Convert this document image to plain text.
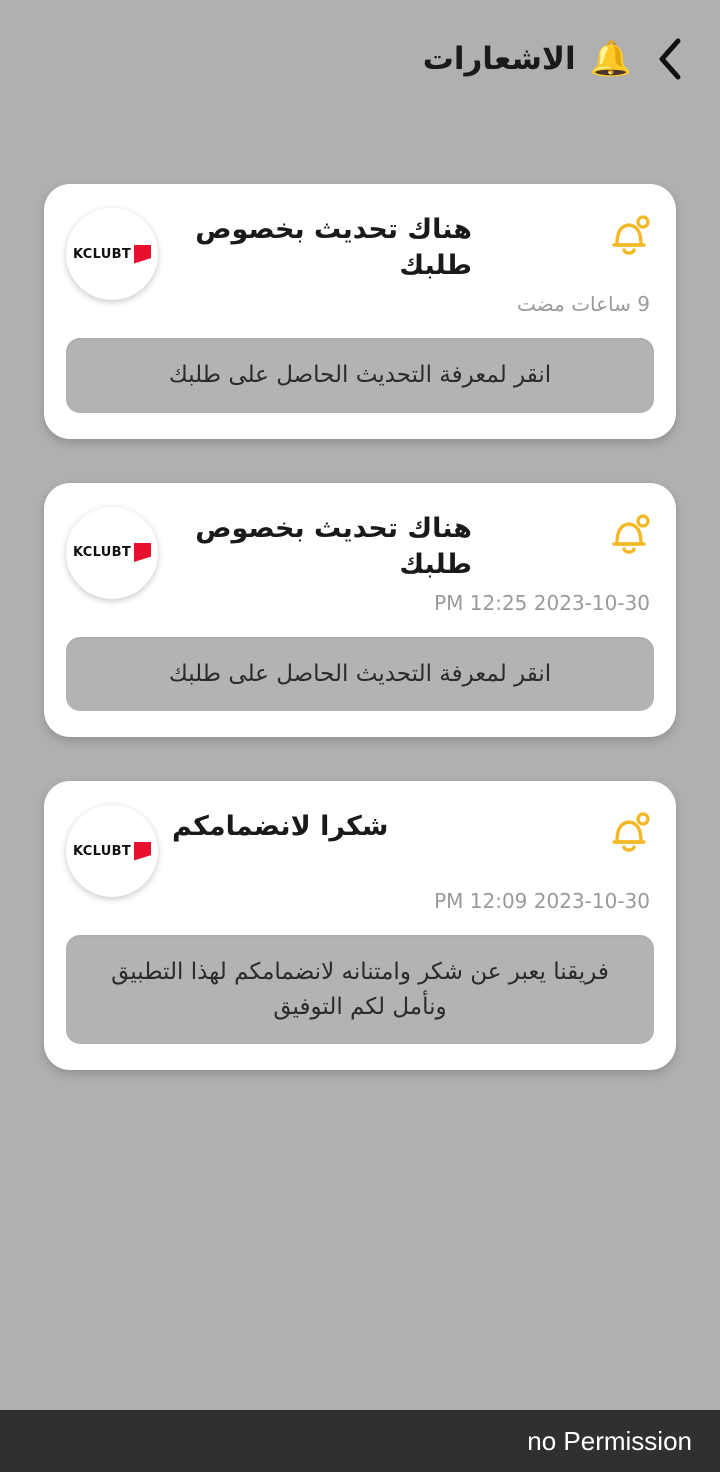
🔔
الاشعارات
هناك تحديث بخصوص طلبك
KCLUBT
9 ساعات مضت
انقر لمعرفة التحديث الحاصل على طلبك
هناك تحديث بخصوص طلبك
KCLUBT
PM 12:25 2023-10-30
انقر لمعرفة التحديث الحاصل على طلبك
شكرا لانضمامكم
KCLUBT
PM 12:09 2023-10-30
فريقنا يعبر عن شكر وامتنانه لانضمامكم لهذا التطبيق ونأمل لكم التوفيق
no Permission
